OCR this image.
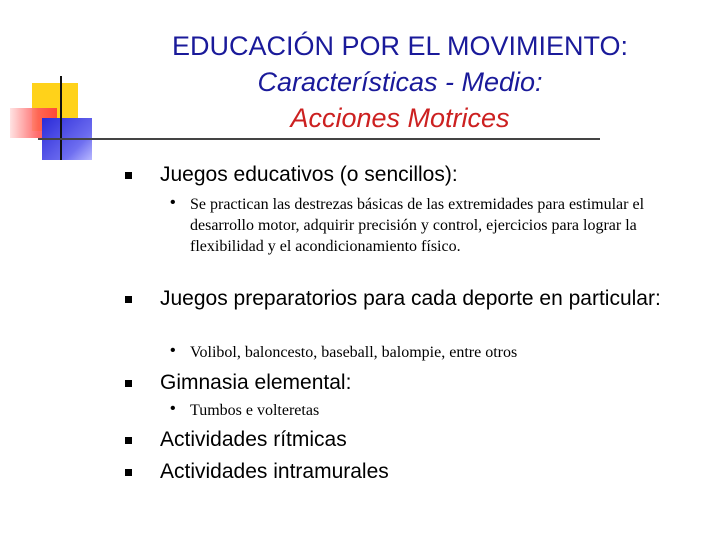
EDUCACIÓN POR EL MOVIMIENTO:
Características - Medio:
Acciones Motrices
Juegos educativos (o sencillos):
• Se practican las destrezas básicas de las extremidades para estimular el desarrollo motor, adquirir precisión y control, ejercicios para lograr la flexibilidad y el acondicionamiento físico.
Juegos preparatorios para cada deporte en particular:
• Volibol, baloncesto, baseball, balompie, entre otros
Gimnasia elemental:
• Tumbos e volteretas
Actividades rítmicas
Actividades intramurales
